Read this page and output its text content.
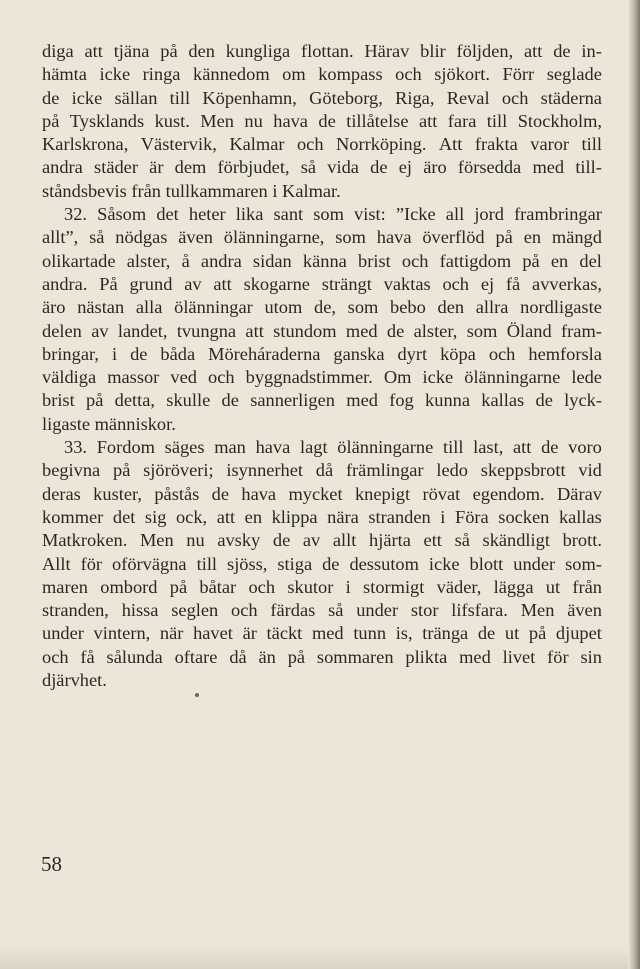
diga att tjäna på den kungliga flottan. Härav blir följden, att de in-
hämta icke ringa kännedom om kompass och sjökort. Förr seglade
de icke sällan till Köpenhamn, Göteborg, Riga, Reval och städerna
på Tysklands kust. Men nu hava de tillåtelse att fara till Stockholm,
Karlskrona, Västervik, Kalmar och Norrköping. Att frakta varor till
andra städer är dem förbjudet, så vida de ej äro försedda med till-
ståndsbevis från tullkammaren i Kalmar.
32. Såsom det heter lika sant som vist: ”Icke all jord frambringar
allt”, så nödgas även ölänningarne, som hava överflöd på en mängd
olikartade alster, å andra sidan känna brist och fattigdom på en del
andra. På grund av att skogarne strängt vaktas och ej få avverkas,
äro nästan alla ölänningar utom de, som bebo den allra nordligaste
delen av landet, tvungna att stundom med de alster, som Öland fram-
bringar, i de båda Möreháraderna ganska dyrt köpa och hemforsla
väldiga massor ved och byggnadstimmer. Om icke ölänningarne lede
brist på detta, skulle de sannerligen med fog kunna kallas de lyck-
ligaste människor.
33. Fordom säges man hava lagt ölänningarne till last, att de voro
begivna på sjöröveri; isynnerhet då främlingar ledo skeppsbrott vid
deras kuster, påstås de hava mycket knepigt rövat egendom. Därav
kommer det sig ock, att en klippa nära stranden i Föra socken kallas
Matkroken. Men nu avsky de av allt hjärta ett så skändligt brott.
Allt för oförvägna till sjöss, stiga de dessutom icke blott under som-
maren ombord på båtar och skutor i stormigt väder, lägga ut från
stranden, hissa seglen och färdas så under stor lifsfara. Men även
under vintern, när havet är täckt med tunn is, tränga de ut på djupet
och få sålunda oftare då än på sommaren plikta med livet för sin
djärvhet.
58
